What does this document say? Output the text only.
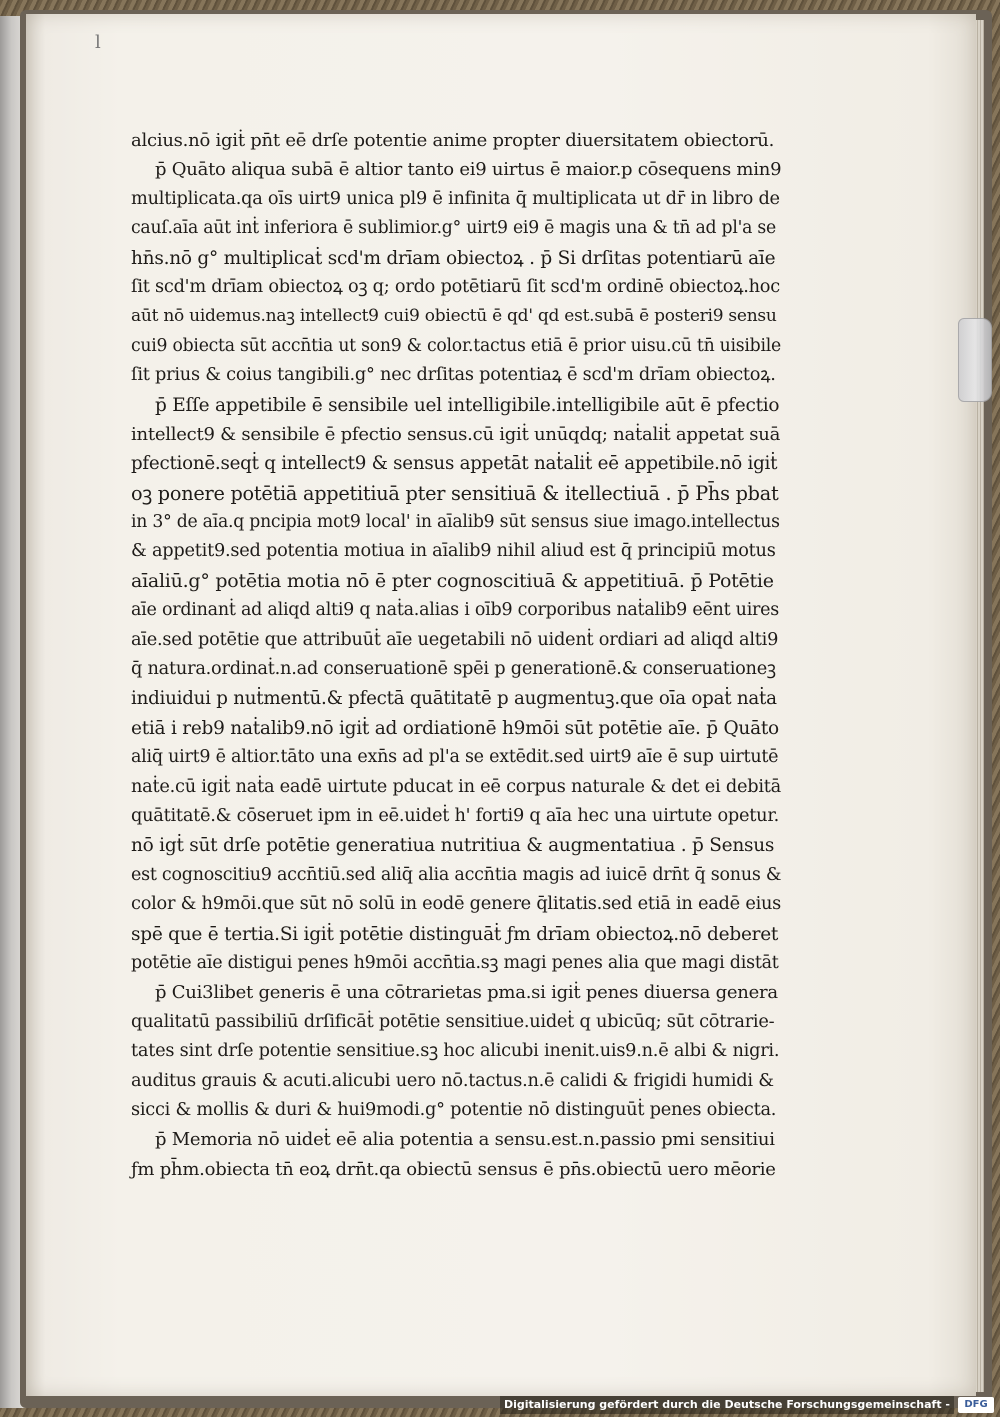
l
alcius.nō igiṫ pn̄t eē drſe potentie anime propter diuersitatem obiectorū.
p̄ Quāto aliqua subā ē altior tanto ei9 uirtus ē maior.p cōsequens min9
multiplicata.qa oīs uirt9 unica pl9 ē infinita q̄ multiplicata ut dr̄ in libro de
cauſ.aīa aūt inṫ inferiora ē sublimior.g° uirt9 ei9 ē magis una & tn̄ ad pl'a se
hn̄s.nō g° multiplicaṫ scd'm drīam obiectoꝝ . p̄ Si drſitas potentiarū aīe
ſit scd'm drīam obiectoꝝ oꝫ q; ordo potētiarū ſit scd'm ordinē obiectoꝝ.hoc
aūt nō uidemus.naꝫ intellect9 cui9 obiectū ē qd' qd est.subā ē posteri9 sensu
cui9 obiecta sūt accn̄tia ut son9 & color.tactus etiā ē prior uisu.cū tn̄ uisibile
ſit prius & coius tangibili.g° nec drſitas potentiaꝝ ē scd'm drīam obiectoꝝ.
p̄ Eſſe appetibile ē sensibile uel intelligibile.intelligibile aūt ē pfectio
intellect9 & sensibile ē pfectio sensus.cū igiṫ unūqdq; naṫaliṫ appetat suā
pfectionē.seqṫ q intellect9 & sensus appetāt naṫaliṫ eē appetibile.nō igiṫ
oꝫ ponere potētiā appetitiuā pter sensitiuā & itellectiuā . p̄ Ph̄s pbat
in 3° de aīa.q pncipia mot9 local' in aīalib9 sūt sensus siue imago.intellectus
& appetit9.sed potentia motiua in aīalib9 nihil aliud est q̄ principiū motus
aīaliū.g° potētia motia nō ē pter cognoscitiuā & appetitiuā. p̄ Potētie
aīe ordinanṫ ad aliqd alti9 q naṫa.alias i oīb9 corporibus naṫalib9 eēnt uires
aīe.sed potētie que attribuūṫ aīe uegetabili nō uidenṫ ordiari ad aliqd alti9
q̄ natura.ordinaṫ.n.ad conseruationē spēi p generationē.& conseruationeꝫ
indiuidui p nuṫmentū.& pfectā quātitatē p augmentuꝫ.que oīa opaṫ naṫa
etiā i reb9 naṫalib9.nō igiṫ ad ordiationē h9mōi sūt potētie aīe. p̄ Quāto
aliq̄ uirt9 ē altior.tāto una exn̄s ad pl'a se extēdit.sed uirt9 aīe ē sup uirtutē
naṫe.cū igiṫ naṫa eadē uirtute pducat in eē corpus naturale & det ei debitā
quātitatē.& cōseruet ipm in eē.uideṫ h' forti9 q aīa hec una uirtute opetur.
nō igṫ sūt drſe potētie generatiua nutritiua & augmentatiua . p̄ Sensus
est cognoscitiu9 accn̄tiū.sed aliq̄ alia accn̄tia magis ad iuicē drn̄t q̄ sonus &
color & h9mōi.que sūt nō solū in eodē genere q̄litatis.sed etiā in eadē eius
spē que ē tertia.Si igiṫ potētie distinguāṫ ƒm drīam obiectoꝝ.nō deberet
potētie aīe distigui penes h9mōi accn̄tia.sꝫ magi penes alia que magi distāt
p̄ Cui3libet generis ē una cōtrarietas pma.si igiṫ penes diuersa genera
qualitatū passibiliū drſificāṫ potētie sensitiue.uideṫ q ubicūq; sūt cōtrarie-
tates sint drſe potentie sensitiue.sꝫ hoc alicubi inenit.uis9.n.ē albi & nigri.
auditus grauis & acuti.alicubi uero nō.tactus.n.ē calidi & frigidi humidi &
sicci & mollis & duri & hui9modi.g° potentie nō distinguūṫ penes obiecta.
p̄ Memoria nō uideṫ eē alia potentia a sensu.est.n.passio pmi sensitiui
ƒm ph̄m.obiecta tn̄ eoꝝ drn̄t.qa obiectū sensus ē pn̄s.obiectū uero mēorie
Digitalisierung gefördert durch die Deutsche Forschungsgemeinschaft -	DFG
